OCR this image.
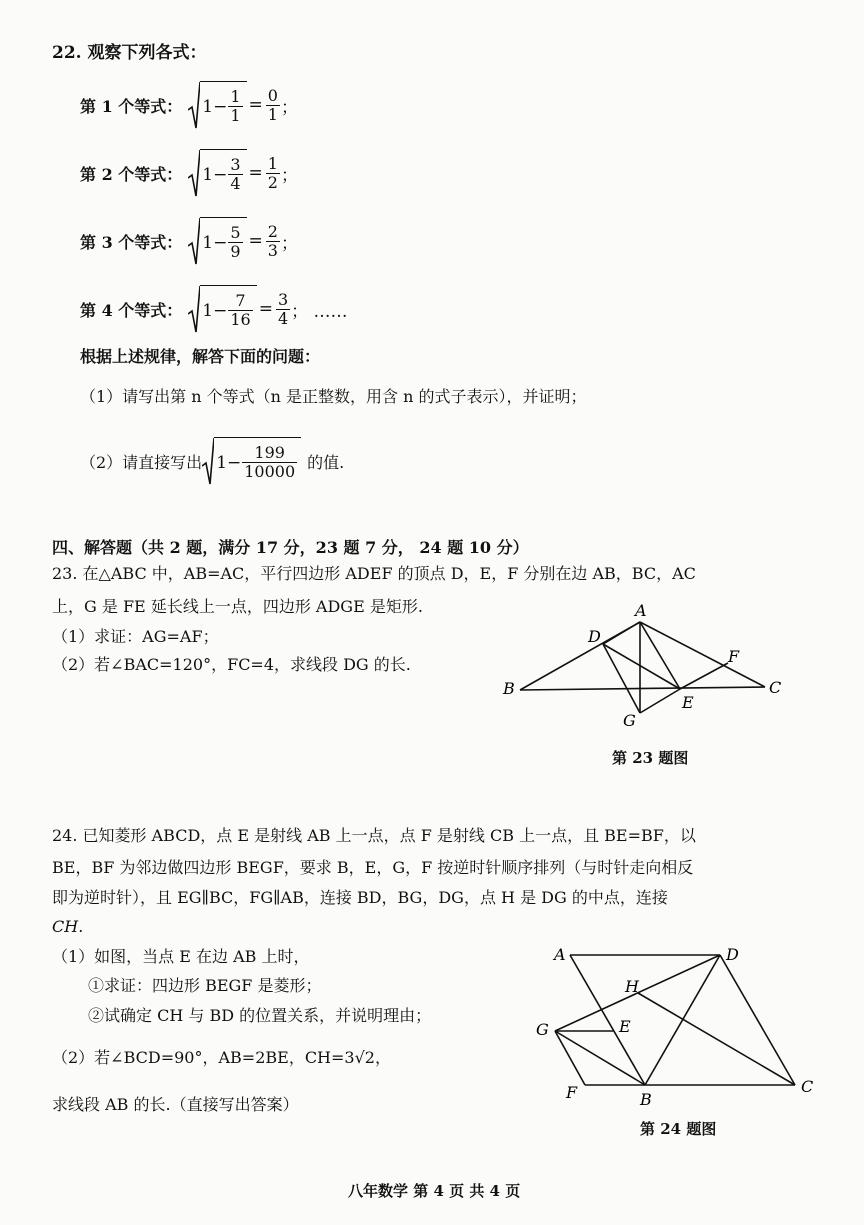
22. 观察下列各式：
第 1 个等式： $1- \frac{1}{1} = \frac{0}{1}$ ；
第 2 个等式： $1- \frac{3}{4} = \frac{1}{2}$ ；
第 3 个等式： $1- \frac{5}{9} = \frac{2}{3}$ ；
第 4 个等式： $1- \frac{7}{16} = \frac{3}{4}$ ； ……
根据上述规律，解答下面的问题：
（1）请写出第 n 个等式（n 是正整数，用含 n 的式子表示），并证明；
（2）请直接写出 $1- \frac{199}{10000}$ 的值.
四、解答题（共 2 题，满分 17 分，23 题 7 分， 24 题 10 分）
23. 在△ABC 中，AB=AC，平行四边形 ADEF 的顶点 D，E，F 分别在边 AB，BC，AC
上，G 是 FE 延长线上一点，四边形 ADGE 是矩形.
（1）求证：AG=AF；
（2）若∠BAC=120°，FC=4，求线段 DG 的长.
A
D
F
B	C
E
G
第 23 题图
24. 已知菱形 ABCD，点 E 是射线 AB 上一点，点 F 是射线 CB 上一点，且 BE=BF，以
BE，BF 为邻边做四边形 BEGF，要求 B，E，G，F 按逆时针顺序排列（与时针走向相反
即为逆时针），且 EG∥BC，FG∥AB，连接 BD，BG，DG，点 H 是 DG 的中点，连接
CH.
（1）如图，当点 E 在边 AB 上时，
①求证：四边形 BEGF 是菱形；
②试确定 CH 与 BD 的位置关系，并说明理由；
（2）若∠BCD=90°，AB=2BE，CH=3√2，
求线段 AB 的长.（直接写出答案）
A	D
H
G	E
F	B
C
第 24 题图
八年数学 第 4 页 共 4 页
